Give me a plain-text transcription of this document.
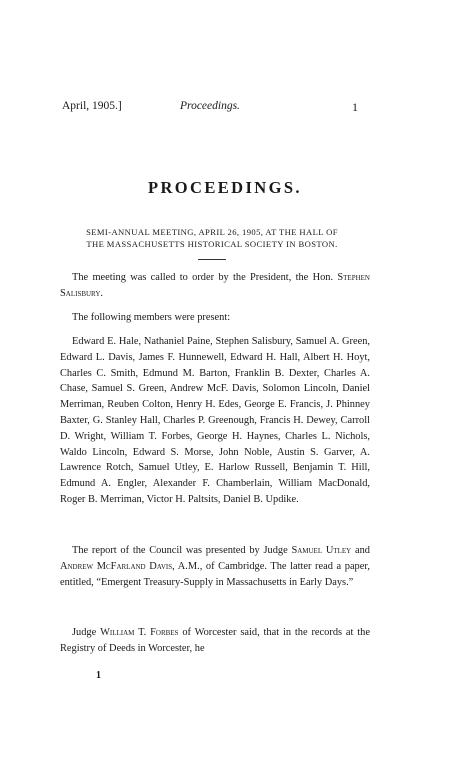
April, 1905.]	Proceedings.	1
PROCEEDINGS.
SEMI-ANNUAL MEETING, APRIL 26, 1905, AT THE HALL OF
THE MASSACHUSETTS HISTORICAL SOCIETY IN BOSTON.
The meeting was called to order by the President, the Hon. Stephen Salisbury.
The following members were present:
Edward E. Hale, Nathaniel Paine, Stephen Salisbury, Samuel A. Green, Edward L. Davis, James F. Hunnewell, Edward H. Hall, Albert H. Hoyt, Charles C. Smith, Edmund M. Barton, Franklin B. Dexter, Charles A. Chase, Samuel S. Green, Andrew McF. Davis, Solomon Lincoln, Daniel Merriman, Reuben Colton, Henry H. Edes, George E. Francis, J. Phinney Baxter, G. Stanley Hall, Charles P. Greenough, Francis H. Dewey, Carroll D. Wright, William T. Forbes, George H. Haynes, Charles L. Nichols, Waldo Lincoln, Edward S. Morse, John Noble, Austin S. Garver, A. Lawrence Rotch, Samuel Utley, E. Harlow Russell, Benjamin T. Hill, Edmund A. Engler, Alexander F. Chamberlain, William MacDonald, Roger B. Merriman, Victor H. Paltsits, Daniel B. Updike.
The report of the Council was presented by Judge Samuel Utley and Andrew McFarland Davis, A.M., of Cambridge. The latter read a paper, entitled, “Emergent Treasury-Supply in Massachusetts in Early Days.”
Judge William T. Forbes of Worcester said, that in the records at the Registry of Deeds in Worcester, he
1
